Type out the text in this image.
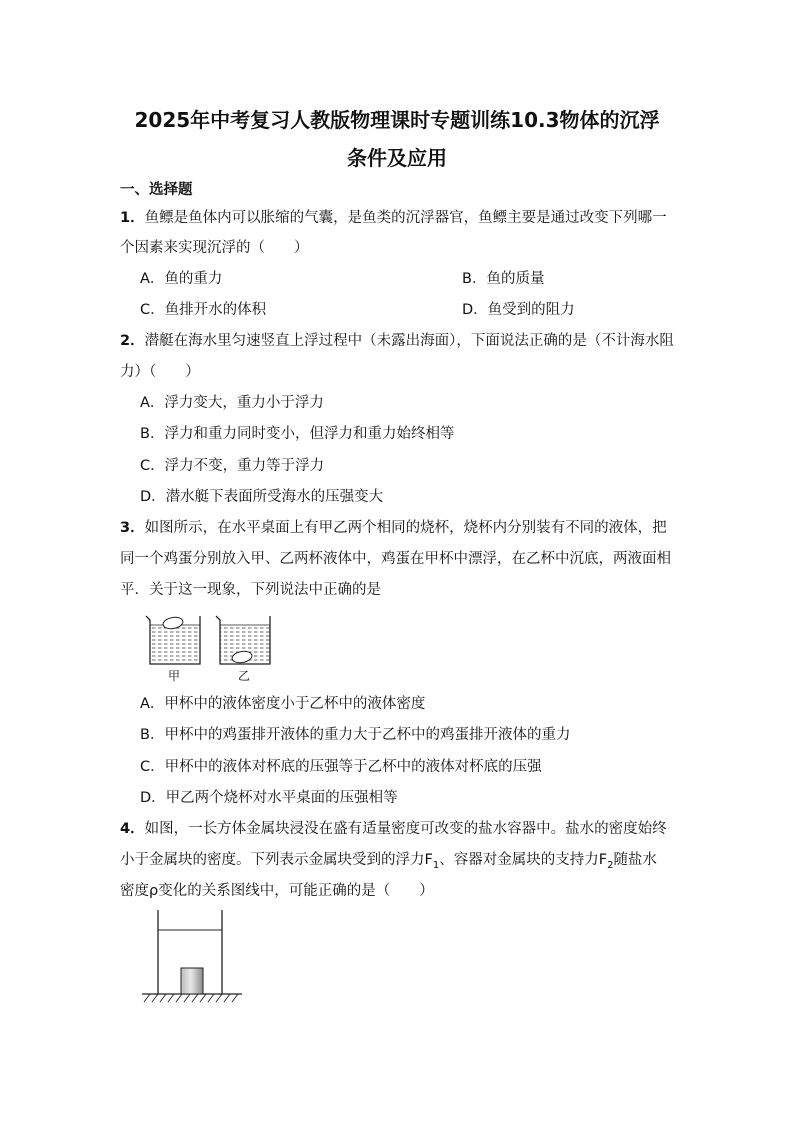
2025年中考复习人教版物理课时专题训练10.3物体的沉浮
条件及应用
一、选择题
1．鱼鳔是鱼体内可以胀缩的气囊，是鱼类的沉浮器官，鱼鳔主要是通过改变下列哪一
个因素来实现沉浮的（　　）
A．鱼的重力	B．鱼的质量
C．鱼排开水的体积	D．鱼受到的阻力
2．潜艇在海水里匀速竖直上浮过程中（未露出海面），下面说法正确的是（不计海水阻
力）（　　）
A．浮力变大，重力小于浮力
B．浮力和重力同时变小，但浮力和重力始终相等
C．浮力不变，重力等于浮力
D．潜水艇下表面所受海水的压强变大
3．如图所示，在水平桌面上有甲乙两个相同的烧杯，烧杯内分别装有不同的液体，把
同一个鸡蛋分别放入甲、乙两杯液体中，鸡蛋在甲杯中漂浮，在乙杯中沉底，两液面相
平．关于这一现象，下列说法中正确的是
甲	乙
A．甲杯中的液体密度小于乙杯中的液体密度
B．甲杯中的鸡蛋排开液体的重力大于乙杯中的鸡蛋排开液体的重力
C．甲杯中的液体对杯底的压强等于乙杯中的液体对杯底的压强
D．甲乙两个烧杯对水平桌面的压强相等
4．如图，一长方体金属块浸没在盛有适量密度可改变的盐水容器中。盐水的密度始终
小于金属块的密度。下列表示金属块受到的浮力$F_1$、容器对金属块的支持力$F_2$随盐水
密度ρ变化的关系图线中，可能正确的是（　　）
